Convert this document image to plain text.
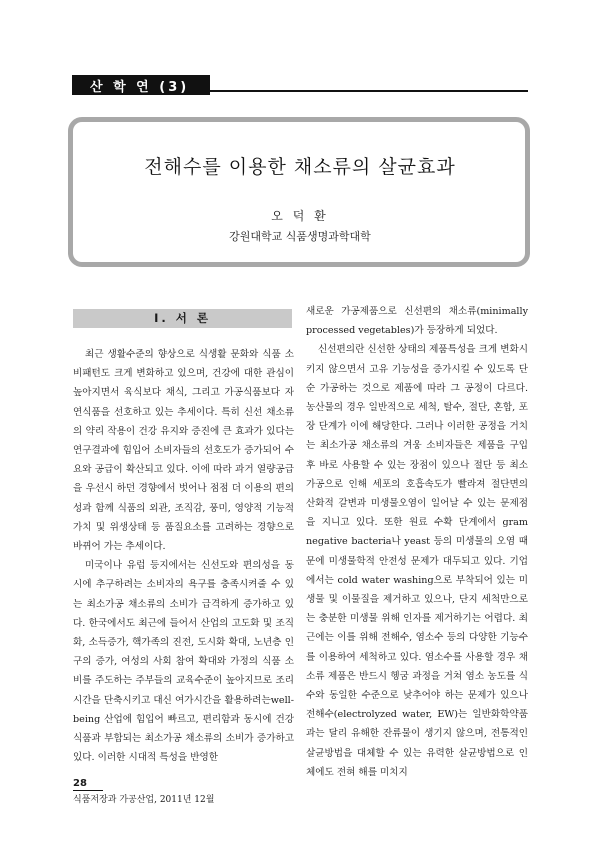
산 학 연 (3)
전해수를 이용한 채소류의 살균효과
오 덕 환
강원대학교 식품생명과학대학
I. 서 론

최근 생활수준의 향상으로 식생활 문화와 식품 소비패턴도 크게 변화하고 있으며, 건강에 대한 관심이 높아지면서 육식보다 채식, 그리고 가공식품보다 자연식품을 선호하고 있는 추세이다. 특히 신선 채소류의 약리 작용이 건강 유지와 증진에 큰 효과가 있다는 연구결과에 힘입어 소비자들의 선호도가 증가되어 수요와 공급이 확산되고 있다. 이에 따라 과거 열량공급을 우선시 하던 경향에서 벗어나 점점 더 이용의 편의성과 함께 식품의 외관, 조직감, 풍미, 영양적 기능적 가치 및 위생상태 등 품질요소를 고려하는 경향으로 바뀌어 가는 추세이다.

미국이나 유럽 등지에서는 신선도와 편의성을 동시에 추구하려는 소비자의 욕구를 충족시켜줄 수 있는 최소가공 채소류의 소비가 급격하게 증가하고 있다. 한국에서도 최근에 들어서 산업의 고도화 및 조직화, 소득증가, 핵가족의 진전, 도시화 확대, 노년층 인구의 증가, 여성의 사회 참여 확대와 가정의 식품 소비를 주도하는 주부들의 교육수준이 높아지므로 조리시간을 단축시키고 대신 여가시간을 활용하려는well-being 산업에 힘입어 빠르고, 편리함과 동시에 건강식품과 부합되는 최소가공 채소류의 소비가 증가하고 있다. 이러한 시대적 특성을 반영한

새로운 가공제품으로 신선편의 채소류(minimally processed vegetables)가 등장하게 되었다.

신선편의란 신선한 상태의 제품특성을 크게 변화시키지 않으면서 고유 기능성을 증가시킬 수 있도록 단순 가공하는 것으로 제품에 따라 그 공정이 다르다. 농산물의 경우 일반적으로 세척, 탈수, 절단, 혼합, 포장 단계가 이에 해당한다. 그러나 이러한 공정을 거치는 최소가공 채소류의 겨웅 소비자들은 제품을 구입 후 바로 사용할 수 있는 장점이 있으나 절단 등 최소가공으로 인해 세포의 호흡속도가 빨라져 절단면의 산화적 갈변과 미생물오염이 일어날 수 있는 문제점을 지니고 있다. 또한 원료 수확 단계에서 gram negative bacteria나 yeast 등의 미생물의 오염 때문에 미생물학적 안전성 문제가 대두되고 있다. 기업에서는 cold water washing으로 부착되어 있는 미생물 및 이물질을 제거하고 있으나, 단지 세척만으로는 충분한 미생물 위해 인자를 제거하기는 어렵다. 최근에는 이를 위해 전해수, 염소수 등의 다양한 기능수를 이용하여 세척하고 있다. 염소수를 사용할 경우 채소류 제품은 반드시 헹굼 과정을 거쳐 염소 농도를 식수와 동일한 수준으로 낮추어야 하는 문제가 있으나 전해수(electrolyzed water, EW)는 일반화학약품과는 달리 유해한 잔류물이 생기지 않으며, 전통적인 살균방법을 대체할 수 있는 유력한 살균방법으로 인체에도 전혀 해를 미치지

28
식품저장과 가공산업, 2011년 12월
